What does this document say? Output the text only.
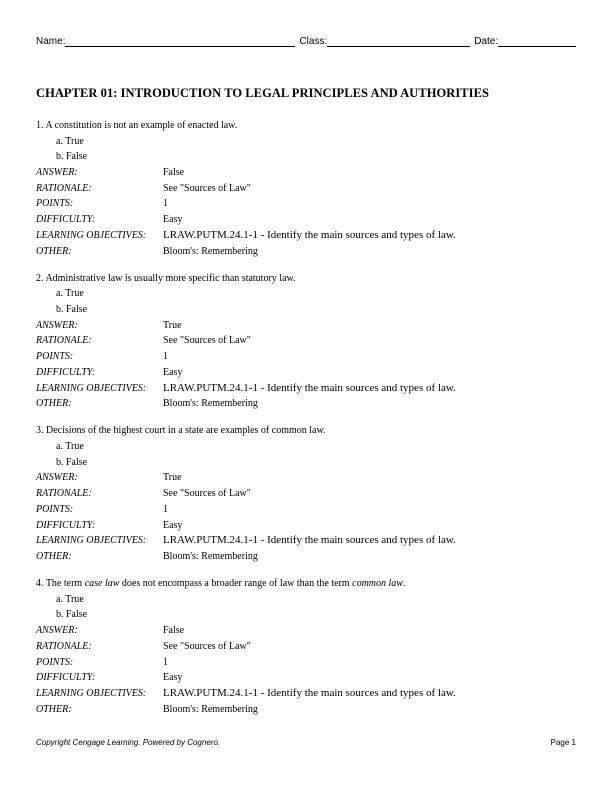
Name:	Class:	Date:
CHAPTER 01: INTRODUCTION TO LEGAL PRINCIPLES AND AUTHORITIES
1. A constitution is not an example of enacted law.
a. True
b. False
ANSWER:	False
RATIONALE:	See "Sources of Law"
POINTS:	1
DIFFICULTY:	Easy
LEARNING OBJECTIVES:	LRAW.PUTM.24.1-1 - Identify the main sources and types of law.
OTHER:	Bloom's: Remembering
2. Administrative law is usually more specific than statutory law.
a. True
b. False
ANSWER:	True
RATIONALE:	See "Sources of Law"
POINTS:	1
DIFFICULTY:	Easy
LEARNING OBJECTIVES:	LRAW.PUTM.24.1-1 - Identify the main sources and types of law.
OTHER:	Bloom's: Remembering
3. Decisions of the highest court in a state are examples of common law.
a. True
b. False
ANSWER:	True
RATIONALE:	See "Sources of Law"
POINTS:	1
DIFFICULTY:	Easy
LEARNING OBJECTIVES:	LRAW.PUTM.24.1-1 - Identify the main sources and types of law.
OTHER:	Bloom's: Remembering
4. The term case law does not encompass a broader range of law than the term common law.
a. True
b. False
ANSWER:	False
RATIONALE:	See "Sources of Law"
POINTS:	1
DIFFICULTY:	Easy
LEARNING OBJECTIVES:	LRAW.PUTM.24.1-1 - Identify the main sources and types of law.
OTHER:	Bloom's: Remembering
Copyright Cengage Learning. Powered by Cognero.	Page 1
